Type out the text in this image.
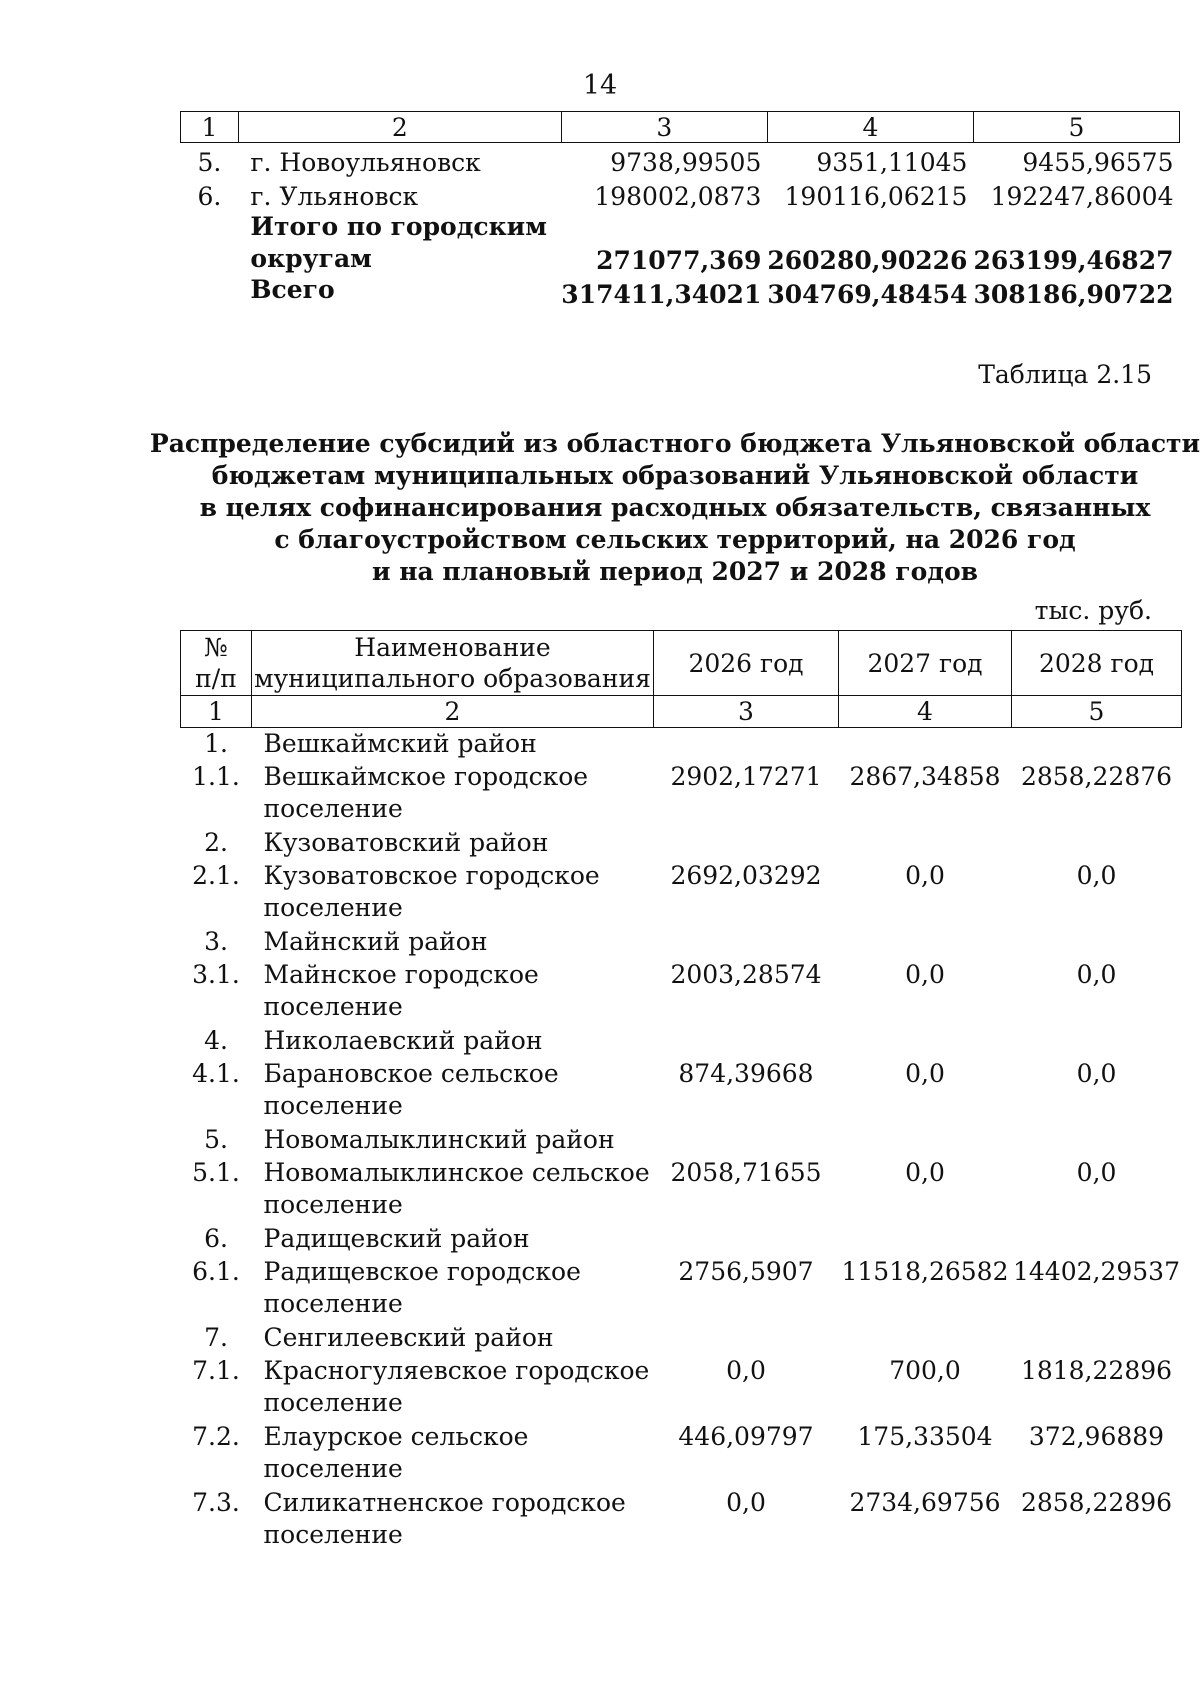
14
1	2	3	4	5
5.	г. Новоульяновск	9738,99505	9351,11045	9455,96575
6.	г. Ульяновск	198002,0873	190116,06215	192247,86004
	Итого по городским
округам	271077,369	260280,90226	263199,46827
	Всего	317411,34021	304769,48454	308186,90722
Таблица 2.15
Распределение субсидий из областного бюджета Ульяновской области
бюджетам муниципальных образований Ульяновской области
в целях софинансирования расходных обязательств, связанных
с благоустройством сельских территорий, на 2026 год
и на плановый период 2027 и 2028 годов
тыс. руб.
№
п/п	Наименование
муниципального образования	2026 год	2027 год	2028 год
1	2	3	4	5
1.	Вешкаймский район			
1.1.	Вешкаймское городское
поселение	2902,17271	2867,34858	2858,22876
2.	Кузоватовский район			
2.1.	Кузоватовское городское
поселение	2692,03292	0,0	0,0
3.	Майнский район			
3.1.	Майнское городское
поселение	2003,28574	0,0	0,0
4.	Николаевский район			
4.1.	Барановское сельское
поселение	874,39668	0,0	0,0
5.	Новомалыклинский район			
5.1.	Новомалыклинское сельское
поселение	2058,71655	0,0	0,0
6.	Радищевский район			
6.1.	Радищевское городское
поселение	2756,5907	11518,26582	14402,29537
7.	Сенгилеевский район			
7.1.	Красногуляевское городское
поселение	0,0	700,0	1818,22896
7.2.	Елаурское сельское
поселение	446,09797	175,33504	372,96889
7.3.	Силикатненское городское
поселение	0,0	2734,69756	2858,22896
